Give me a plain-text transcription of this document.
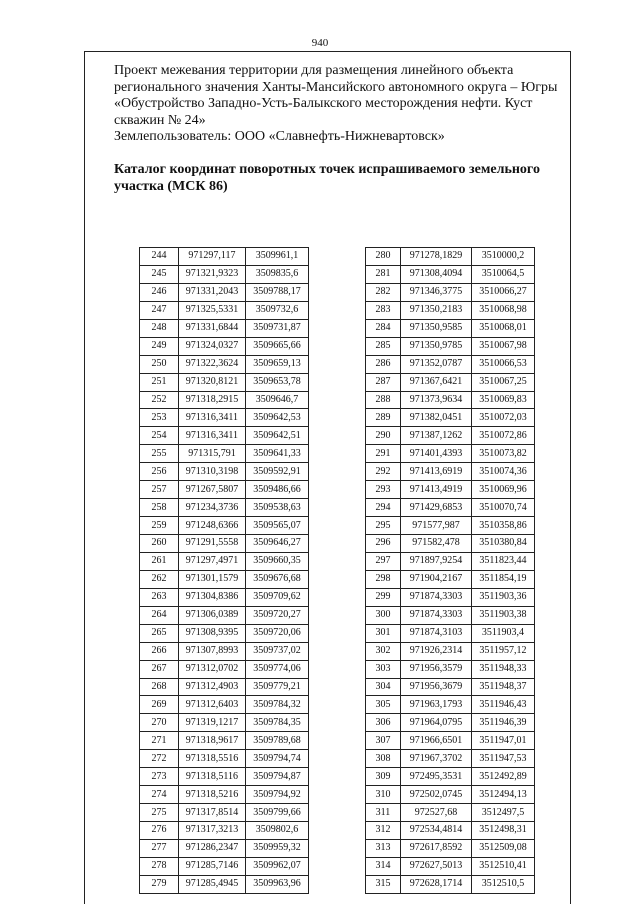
940
Проект межевания территории для размещения линейного объекта
регионального значения Ханты-Мансийского автономного округа – Югры
«Обустройство Западно-Усть-Балыкского месторождения нефти. Куст
скважин № 24»
Землепользователь: ООО «Славнефть-Нижневартовск»
Каталог координат поворотных точек испрашиваемого земельного
участка (МСК 86)
244	971297,117	3509961,1
245	971321,9323	3509835,6
246	971331,2043	3509788,17
247	971325,5331	3509732,6
248	971331,6844	3509731,87
249	971324,0327	3509665,66
250	971322,3624	3509659,13
251	971320,8121	3509653,78
252	971318,2915	3509646,7
253	971316,3411	3509642,53
254	971316,3411	3509642,51
255	971315,791	3509641,33
256	971310,3198	3509592,91
257	971267,5807	3509486,66
258	971234,3736	3509538,63
259	971248,6366	3509565,07
260	971291,5558	3509646,27
261	971297,4971	3509660,35
262	971301,1579	3509676,68
263	971304,8386	3509709,62
264	971306,0389	3509720,27
265	971308,9395	3509720,06
266	971307,8993	3509737,02
267	971312,0702	3509774,06
268	971312,4903	3509779,21
269	971312,6403	3509784,32
270	971319,1217	3509784,35
271	971318,9617	3509789,68
272	971318,5516	3509794,74
273	971318,5116	3509794,87
274	971318,5216	3509794,92
275	971317,8514	3509799,66
276	971317,3213	3509802,6
277	971286,2347	3509959,32
278	971285,7146	3509962,07
279	971285,4945	3509963,96
280	971278,1829	3510000,2
281	971308,4094	3510064,5
282	971346,3775	3510066,27
283	971350,2183	3510068,98
284	971350,9585	3510068,01
285	971350,9785	3510067,98
286	971352,0787	3510066,53
287	971367,6421	3510067,25
288	971373,9634	3510069,83
289	971382,0451	3510072,03
290	971387,1262	3510072,86
291	971401,4393	3510073,82
292	971413,6919	3510074,36
293	971413,4919	3510069,96
294	971429,6853	3510070,74
295	971577,987	3510358,86
296	971582,478	3510380,84
297	971897,9254	3511823,44
298	971904,2167	3511854,19
299	971874,3303	3511903,36
300	971874,3303	3511903,38
301	971874,3103	3511903,4
302	971926,2314	3511957,12
303	971956,3579	3511948,33
304	971956,3679	3511948,37
305	971963,1793	3511946,43
306	971964,0795	3511946,39
307	971966,6501	3511947,01
308	971967,3702	3511947,53
309	972495,3531	3512492,89
310	972502,0745	3512494,13
311	972527,68	3512497,5
312	972534,4814	3512498,31
313	972617,8592	3512509,08
314	972627,5013	3512510,41
315	972628,1714	3512510,5
